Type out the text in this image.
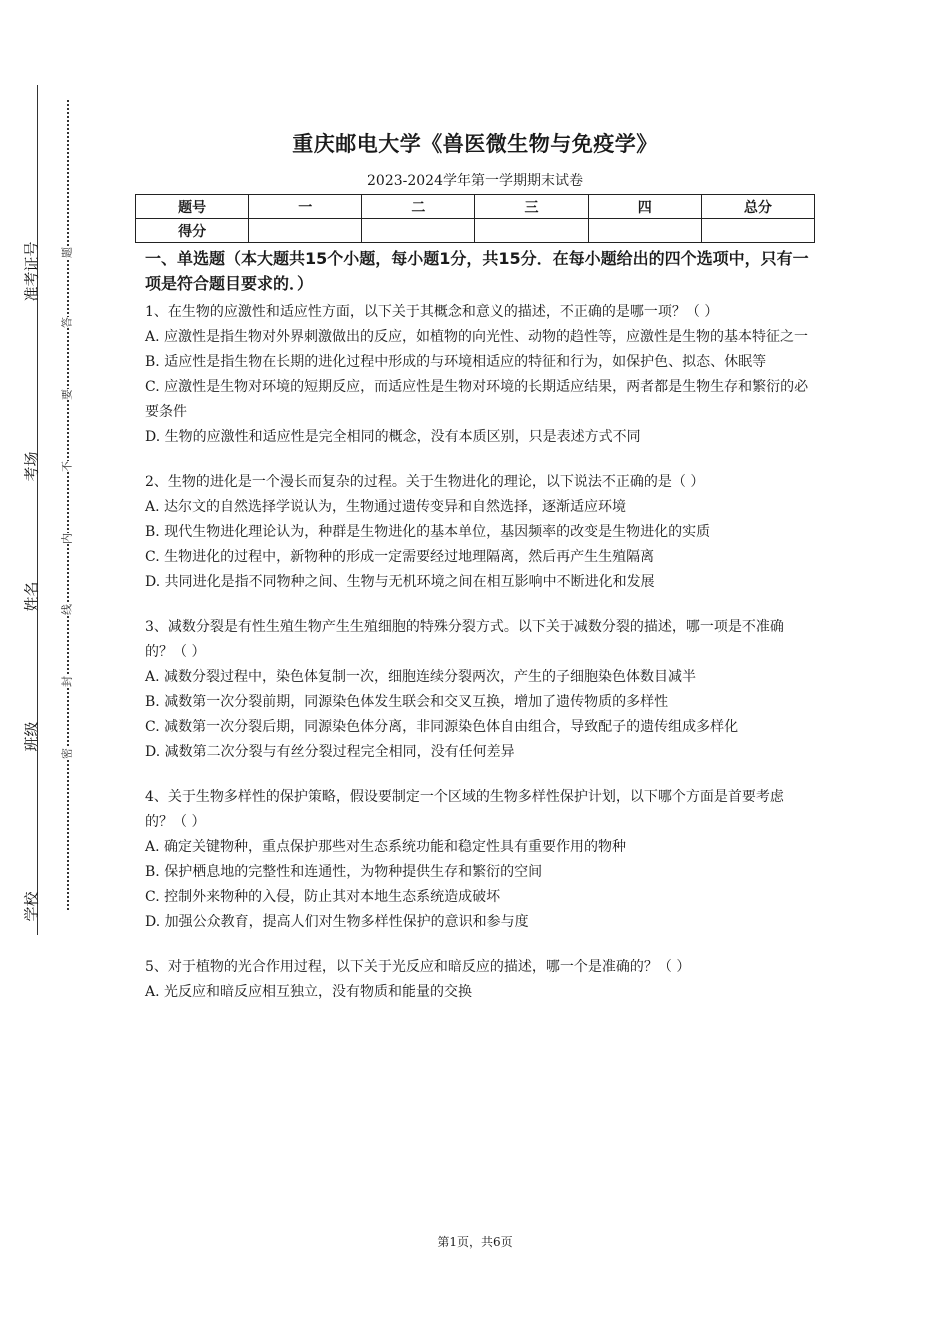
准考证号
考场
姓名
班级
学校
题
答
要
不
内
线
封
密
重庆邮电大学《兽医微生物与免疫学》
2023-2024学年第一学期期末试卷
题号	一	二	三	四	总分
得分					
一、单选题（本大题共15个小题，每小题1分，共15分．在每小题给出的四个选项中，只有一项是符合题目要求的．）

1、在生物的应激性和适应性方面，以下关于其概念和意义的描述，不正确的是哪一项？（ ）

A. 应激性是指生物对外界刺激做出的反应，如植物的向光性、动物的趋性等，应激性是生物的基本特征之一

B. 适应性是指生物在长期的进化过程中形成的与环境相适应的特征和行为，如保护色、拟态、休眠等

C. 应激性是生物对环境的短期反应，而适应性是生物对环境的长期适应结果，两者都是生物生存和繁衍的必要条件

D. 生物的应激性和适应性是完全相同的概念，没有本质区别，只是表述方式不同

2、生物的进化是一个漫长而复杂的过程。关于生物进化的理论，以下说法不正确的是（ ）

A. 达尔文的自然选择学说认为，生物通过遗传变异和自然选择，逐渐适应环境

B. 现代生物进化理论认为，种群是生物进化的基本单位，基因频率的改变是生物进化的实质

C. 生物进化的过程中，新物种的形成一定需要经过地理隔离，然后再产生生殖隔离

D. 共同进化是指不同物种之间、生物与无机环境之间在相互影响中不断进化和发展

3、减数分裂是有性生殖生物产生生殖细胞的特殊分裂方式。以下关于减数分裂的描述，哪一项是不准确的？（ ）

A. 减数分裂过程中，染色体复制一次，细胞连续分裂两次，产生的子细胞染色体数目减半

B. 减数第一次分裂前期，同源染色体发生联会和交叉互换，增加了遗传物质的多样性

C. 减数第一次分裂后期，同源染色体分离，非同源染色体自由组合，导致配子的遗传组成多样化

D. 减数第二次分裂与有丝分裂过程完全相同，没有任何差异

4、关于生物多样性的保护策略，假设要制定一个区域的生物多样性保护计划，以下哪个方面是首要考虑的？（ ）

A. 确定关键物种，重点保护那些对生态系统功能和稳定性具有重要作用的物种

B. 保护栖息地的完整性和连通性，为物种提供生存和繁衍的空间

C. 控制外来物种的入侵，防止其对本地生态系统造成破坏

D. 加强公众教育，提高人们对生物多样性保护的意识和参与度

5、对于植物的光合作用过程，以下关于光反应和暗反应的描述，哪一个是准确的？（ ）

A. 光反应和暗反应相互独立，没有物质和能量的交换

第1页，共6页
